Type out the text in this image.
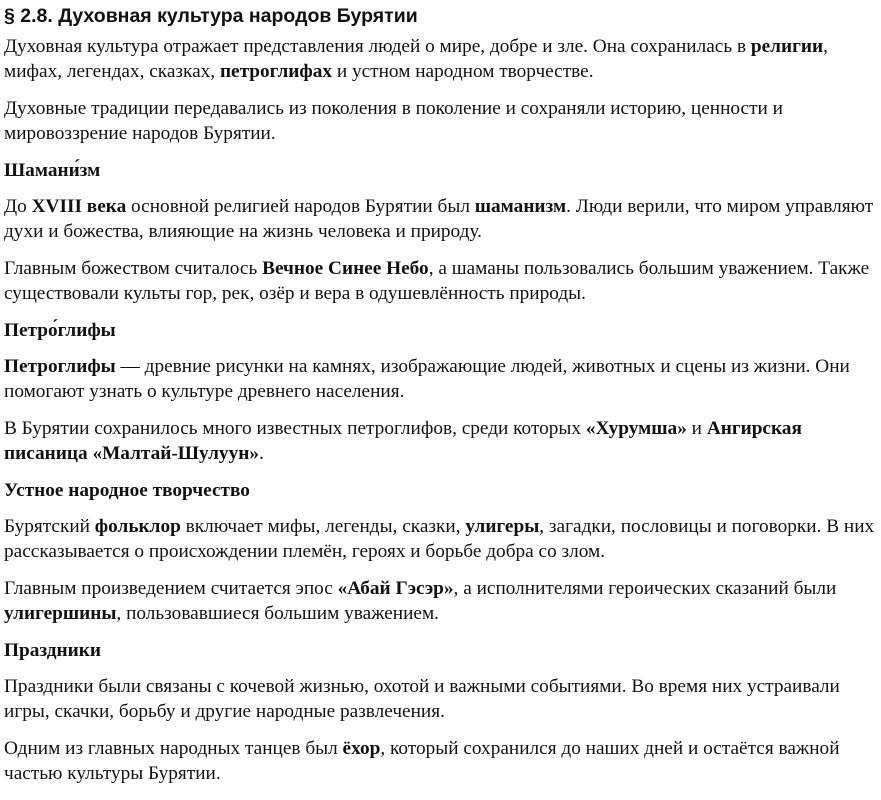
§ 2.8. Духовная культура народов Бурятии

Духовная культура отражает представления людей о мире, добре и зле. Она сохранилась в религии, мифах, легендах, сказках, петроглифах и устном народном творчестве.

Духовные традиции передавались из поколения в поколение и сохраняли историю, ценности и мировоззрение народов Бурятии.

Шамани́зм

До XVIII века основной религией народов Бурятии был шаманизм. Люди верили, что миром управляют духи и божества, влияющие на жизнь человека и природу.

Главным божеством считалось Вечное Синее Небо, а шаманы пользовались большим уважением. Также существовали культы гор, рек, озёр и вера в одушевлённость природы.

Петро́глифы

Петроглифы — древние рисунки на камнях, изображающие людей, животных и сцены из жизни. Они помогают узнать о культуре древнего населения.

В Бурятии сохранилось много известных петроглифов, среди которых «Хурумша» и Ангирская писаница «Малтай-Шулуун».

Устное народное творчество

Бурятский фольклор включает мифы, легенды, сказки, улигеры, загадки, пословицы и поговорки. В них рассказывается о происхождении племён, героях и борьбе добра со злом.

Главным произведением считается эпос «Абай Гэсэр», а исполнителями героических сказаний были улигершины, пользовавшиеся большим уважением.

Праздники

Праздники были связаны с кочевой жизнью, охотой и важными событиями. Во время них устраивали игры, скачки, борьбу и другие народные развлечения.

Одним из главных народных танцев был ёхор, который сохранился до наших дней и остаётся важной частью культуры Бурятии.
